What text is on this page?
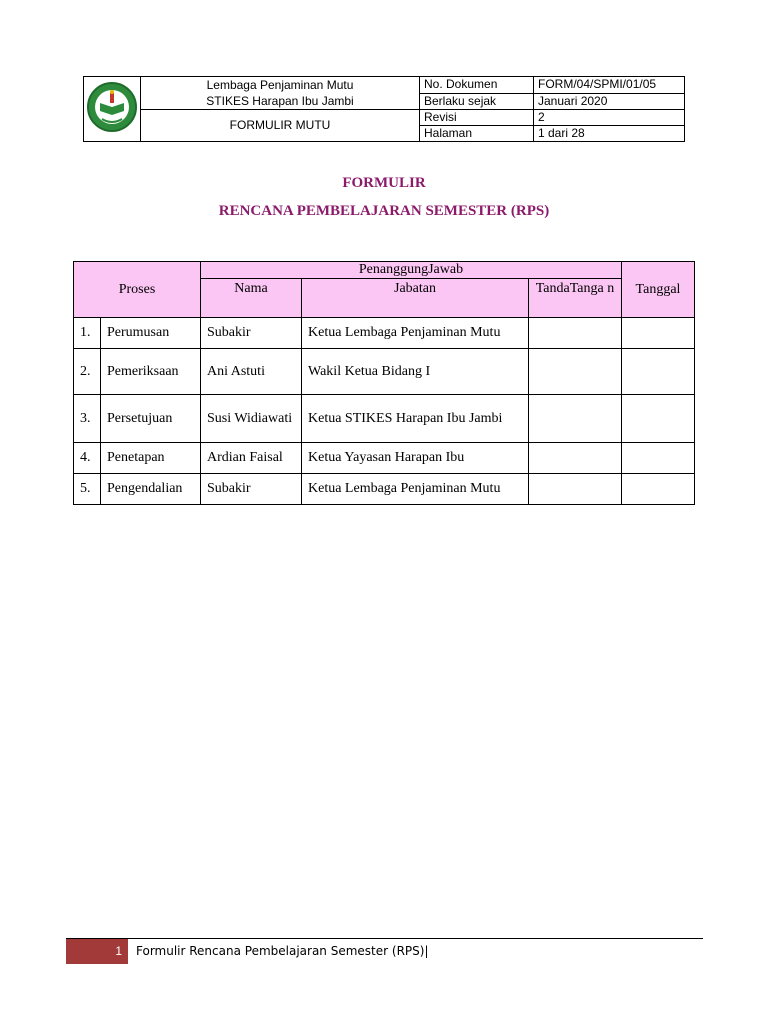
Lembaga Penjaminan Mutu
STIKES Harapan Ibu Jambi	No. Dokumen	FORM/04/SPMI/01/05
		Berlaku sejak	Januari 2020
	FORMULIR MUTU	Revisi	2
		Halaman	1 dari 28
FORMULIR
RENCANA PEMBELAJARAN SEMESTER (RPS)
Proses		PenanggungJawab			Tanggal
		Nama	Jabatan	TandaTanga n	
1.	Perumusan	Subakir	Ketua Lembaga Penjaminan Mutu		
2.	Pemeriksaan	Ani Astuti	Wakil Ketua Bidang I		
3.	Persetujuan	Susi Widiawati	Ketua STIKES Harapan Ibu Jambi		
4.	Penetapan	Ardian Faisal	Ketua Yayasan Harapan Ibu		
5.	Pengendalian	Subakir	Ketua Lembaga Penjaminan Mutu		
1	Formulir Rencana Pembelajaran Semester (RPS)|
